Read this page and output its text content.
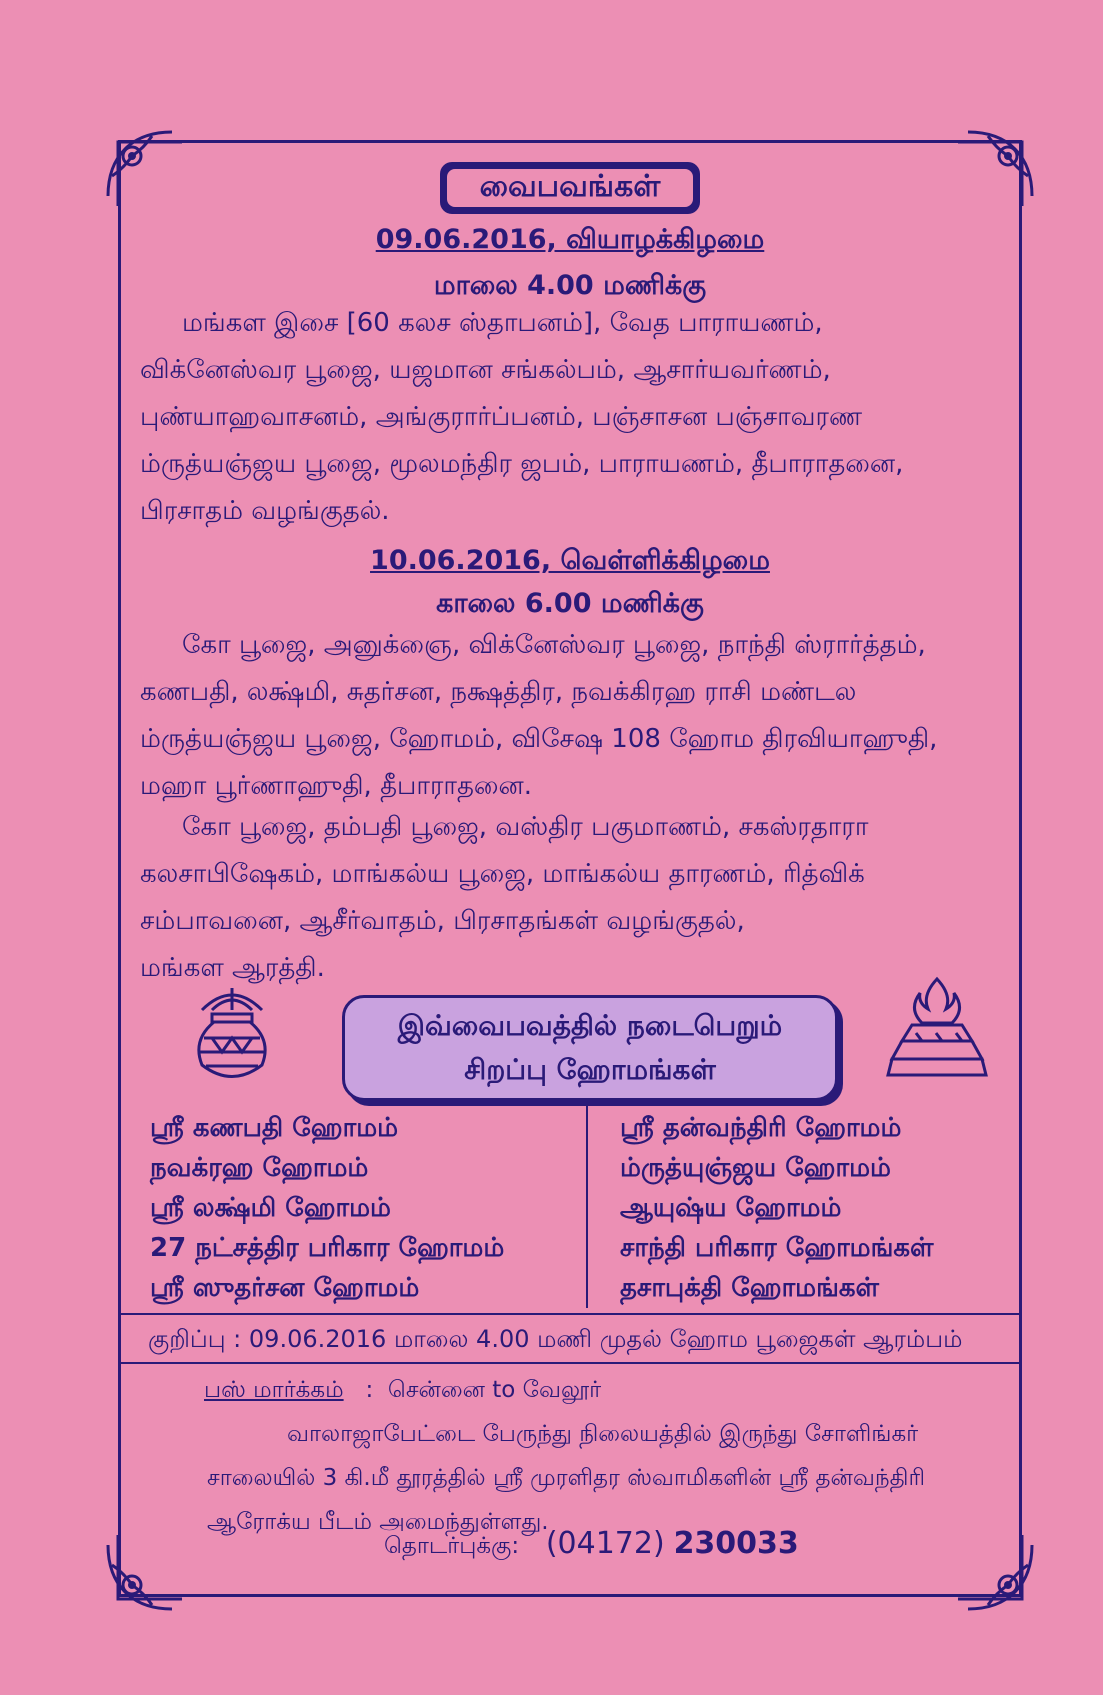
வைபவங்கள்
09.06.2016, வியாழக்கிழமை
மாலை 4.00 மணிக்கு
மங்கள இசை [60 கலச ஸ்தாபனம்], வேத பாராயணம்,
விக்னேஸ்வர பூஜை, யஜமான சங்கல்பம், ஆசார்யவர்ணம்,
புண்யாஹவாசனம், அங்குரார்ப்பனம், பஞ்சாசன பஞ்சாவரண
ம்ருத்யஞ்ஜய பூஜை, மூலமந்திர ஜபம், பாராயணம், தீபாராதனை,
பிரசாதம் வழங்குதல்.
10.06.2016, வெள்ளிக்கிழமை
காலை 6.00 மணிக்கு
கோ பூஜை, அனுக்ஞை, விக்னேஸ்வர பூஜை, நாந்தி ஸ்ரார்த்தம்,
கணபதி, லக்ஷ்மி, சுதர்சன, நக்ஷத்திர, நவக்கிரஹ ராசி மண்டல
ம்ருத்யஞ்ஜய பூஜை, ஹோமம், விசேஷ 108 ஹோம திரவியாஹுதி,
மஹா பூர்ணாஹுதி, தீபாராதனை.
கோ பூஜை, தம்பதி பூஜை, வஸ்திர பகுமாணம், சகஸ்ரதாரா
கலசாபிஷேகம், மாங்கல்ய பூஜை, மாங்கல்ய தாரணம், ரித்விக்
சம்பாவனை, ஆசீர்வாதம், பிரசாதங்கள் வழங்குதல்,
மங்கள ஆரத்தி.
இவ்வைபவத்தில் நடைபெறும்
சிறப்பு ஹோமங்கள்
ஸ்ரீ கணபதி ஹோமம்
நவக்ரஹ ஹோமம்
ஸ்ரீ லக்ஷ்மி ஹோமம்
27 நட்சத்திர பரிகார ஹோமம்
ஸ்ரீ ஸுதர்சன ஹோமம்
ஸ்ரீ தன்வந்திரி ஹோமம்
ம்ருத்யுஞ்ஜய ஹோமம்
ஆயுஷ்ய ஹோமம்
சாந்தி பரிகார ஹோமங்கள்
தசாபுக்தி ஹோமங்கள்
குறிப்பு : 09.06.2016 மாலை 4.00 மணி முதல் ஹோம பூஜைகள் ஆரம்பம்
பஸ் மார்க்கம் : சென்னை to வேலூர்
வாலாஜாபேட்டை பேருந்து நிலையத்தில் இருந்து சோளிங்கர்
சாலையில் 3 கி.மீ தூரத்தில் ஸ்ரீ முரளிதர ஸ்வாமிகளின் ஸ்ரீ தன்வந்திரி
ஆரோக்ய பீடம் அமைந்துள்ளது.
தொடர்புக்கு: (04172) 230033
